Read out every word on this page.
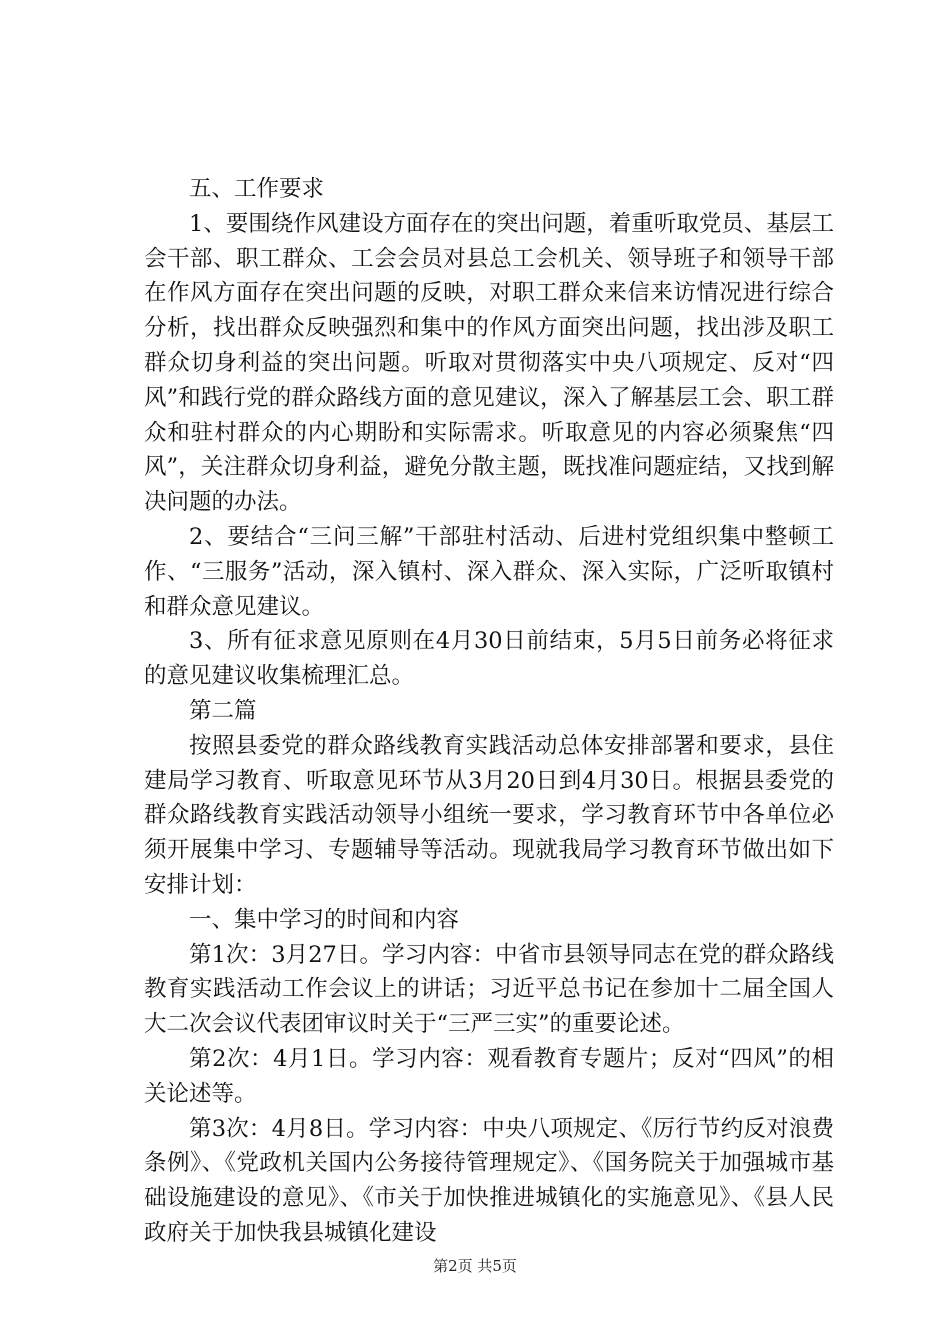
五、工作要求

1、要围绕作风建设方面存在的突出问题，着重听取党员、基层工会干部、职工群众、工会会员对县总工会机关、领导班子和领导干部在作风方面存在突出问题的反映，对职工群众来信来访情况进行综合分析，找出群众反映强烈和集中的作风方面突出问题，找出涉及职工群众切身利益的突出问题。听取对贯彻落实中央八项规定、反对“四风”和践行党的群众路线方面的意见建议，深入了解基层工会、职工群众和驻村群众的内心期盼和实际需求。听取意见的内容必须聚焦“四风”，关注群众切身利益，避免分散主题，既找准问题症结，又找到解决问题的办法。

2、要结合“三问三解”干部驻村活动、后进村党组织集中整顿工作、“三服务”活动，深入镇村、深入群众、深入实际，广泛听取镇村和群众意见建议。

3、所有征求意见原则在4月30日前结束，5月5日前务必将征求的意见建议收集梳理汇总。

第二篇

按照县委党的群众路线教育实践活动总体安排部署和要求，县住建局学习教育、听取意见环节从3月20日到4月30日。根据县委党的群众路线教育实践活动领导小组统一要求，学习教育环节中各单位必须开展集中学习、专题辅导等活动。现就我局学习教育环节做出如下安排计划：

一、集中学习的时间和内容

第1次：3月27日。学习内容：中省市县领导同志在党的群众路线教育实践活动工作会议上的讲话；习近平总书记在参加十二届全国人大二次会议代表团审议时关于“三严三实”的重要论述。

第2次：4月1日。学习内容：观看教育专题片；反对“四风”的相关论述等。

第3次：4月8日。学习内容：中央八项规定、《厉行节约反对浪费条例》、《党政机关国内公务接待管理规定》、《国务院关于加强城市基础设施建设的意见》、《市关于加快推进城镇化的实施意见》、《县人民政府关于加快我县城镇化建设

第2页 共5页
